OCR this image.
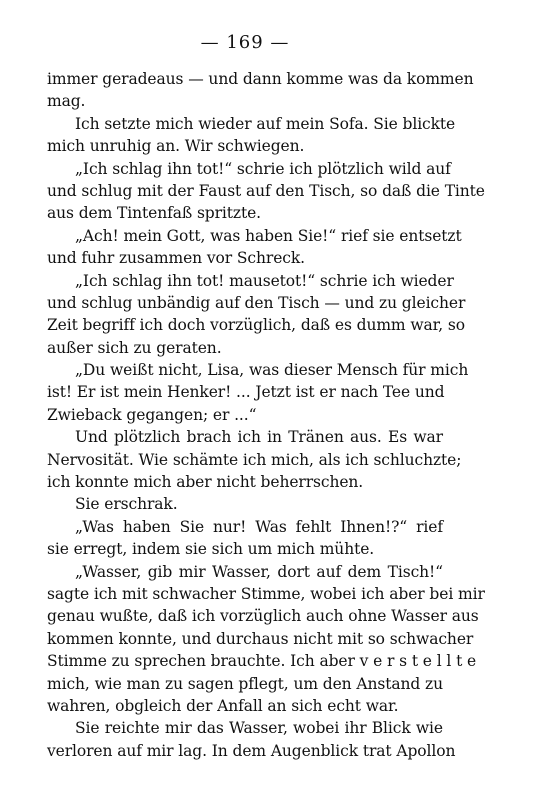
— 169 —
immer geradeaus — und dann komme was da kommen
mag.
Ich setzte mich wieder auf mein Sofa. Sie blickte
mich unruhig an. Wir schwiegen.
„Ich schlag ihn tot!“ schrie ich plötzlich wild auf
und schlug mit der Faust auf den Tisch, so daß die Tinte
aus dem Tintenfaß spritzte.
„Ach! mein Gott, was haben Sie!“ rief sie entsetzt
und fuhr zusammen vor Schreck.
„Ich schlag ihn tot! mausetot!“ schrie ich wieder
und schlug unbändig auf den Tisch — und zu gleicher
Zeit begriff ich doch vorzüglich, daß es dumm war, so
außer sich zu geraten.
„Du weißt nicht, Lisa, was dieser Mensch für mich
ist! Er ist mein Henker! ... Jetzt ist er nach Tee und
Zwieback gegangen; er ...“
Und plötzlich brach ich in Tränen aus. Es war
Nervosität. Wie schämte ich mich, als ich schluchzte;
ich konnte mich aber nicht beherrschen.
Sie erschrak.
„Was haben Sie nur! Was fehlt Ihnen!?“ rief
sie erregt, indem sie sich um mich mühte.
„Wasser, gib mir Wasser, dort auf dem Tisch!“
sagte ich mit schwacher Stimme, wobei ich aber bei mir
genau wußte, daß ich vorzüglich auch ohne Wasser aus
kommen konnte, und durchaus nicht mit so schwacher
Stimme zu sprechen brauchte. Ich aber v e r s t e l l t e
mich, wie man zu sagen pflegt, um den Anstand zu
wahren, obgleich der Anfall an sich echt war.
Sie reichte mir das Wasser, wobei ihr Blick wie
verloren auf mir lag. In dem Augenblick trat Apollon
